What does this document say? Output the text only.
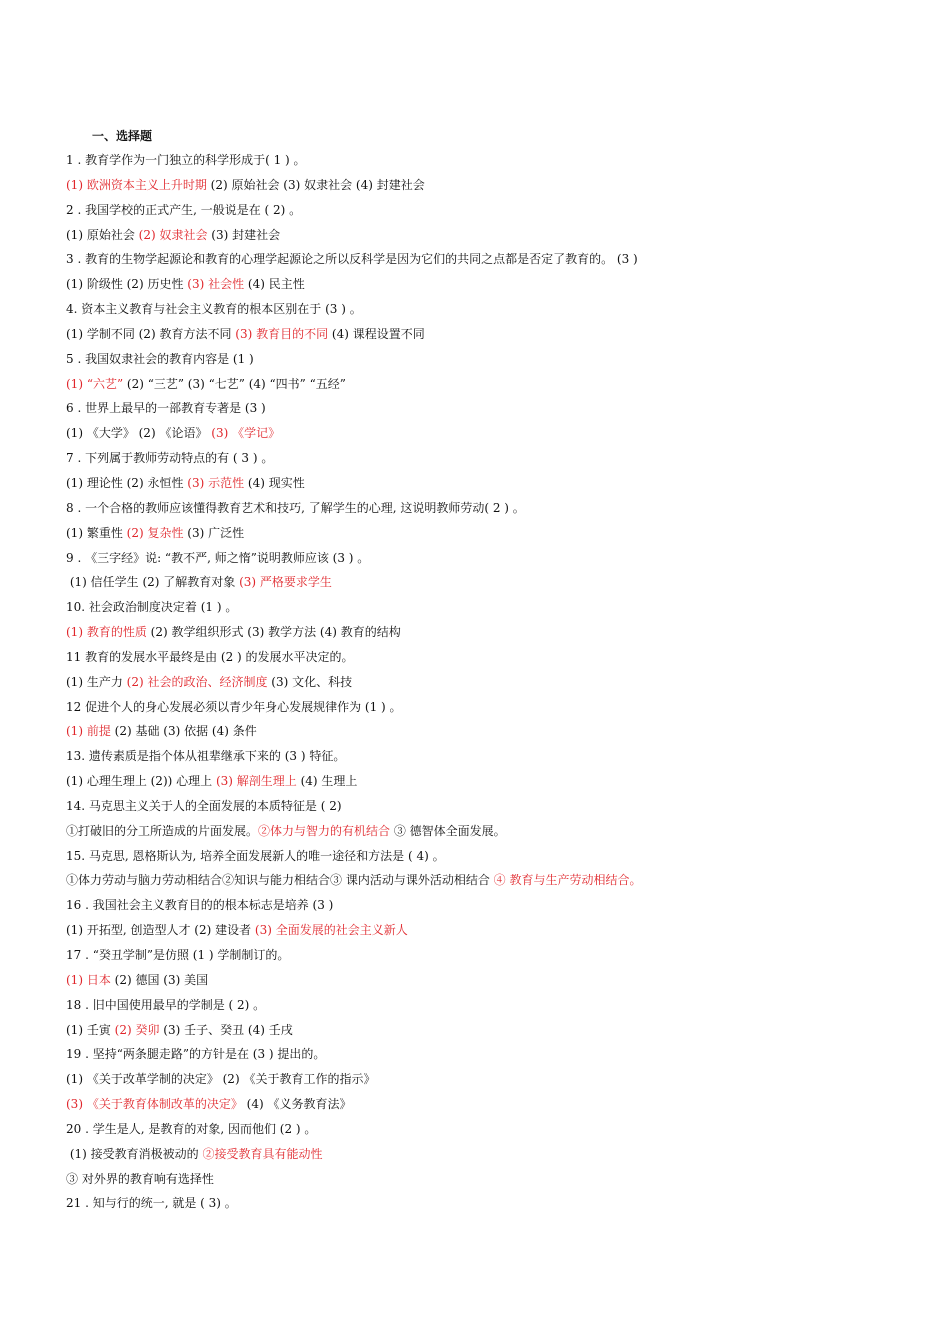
一、选择题
1 . 教育学作为一门独立的科学形成于( 1 ) 。
(1) 欧洲资本主义上升时期 (2) 原始社会 (3) 奴隶社会 (4) 封建社会
2 . 我国学校的正式产生, 一般说是在 ( 2) 。
(1) 原始社会 (2) 奴隶社会 (3) 封建社会
3 . 教育的生物学起源论和教育的心理学起源论之所以反科学是因为它们的共同之点都是否定了教育的。 (3 )
(1) 阶级性 (2) 历史性 (3) 社会性 (4) 民主性
4. 资本主义教育与社会主义教育的根本区别在于 (3 ) 。
(1) 学制不同 (2) 教育方法不同 (3) 教育目的不同 (4) 课程设置不同
5 . 我国奴隶社会的教育内容是 (1 )
(1) “六艺” (2) “三艺” (3) “七艺” (4) “四书” “五经”
6 . 世界上最早的一部教育专著是 (3 )
(1) 《大学》 (2) 《论语》 (3) 《学记》
7 . 下列属于教师劳动特点的有 ( 3 ) 。
(1) 理论性 (2) 永恒性 (3) 示范性 (4) 现实性
8 . 一个合格的教师应该懂得教育艺术和技巧, 了解学生的心理, 这说明教师劳动( 2 ) 。
(1) 繁重性 (2) 复杂性 (3) 广泛性
9 . 《三字经》说: “教不严, 师之惰”说明教师应该 (3 ) 。
(1) 信任学生 (2) 了解教育对象 (3) 严格要求学生
10. 社会政治制度决定着 (1 ) 。
(1) 教育的性质 (2) 教学组织形式 (3) 教学方法 (4) 教育的结构
11 教育的发展水平最终是由 (2 ) 的发展水平决定的。
(1) 生产力 (2) 社会的政治、经济制度 (3) 文化、科技
12 促进个人的身心发展必须以青少年身心发展规律作为 (1 ) 。
(1) 前提 (2) 基础 (3) 依据 (4) 条件
13. 遗传素质是指个体从祖辈继承下来的 (3 ) 特征。
(1) 心理生理上 (2)) 心理上 (3) 解剖生理上 (4) 生理上
14. 马克思主义关于人的全面发展的本质特征是 ( 2)
①打破旧的分工所造成的片面发展。②体力与智力的有机结合 ③ 德智体全面发展。
15. 马克思, 恩格斯认为, 培养全面发展新人的唯一途径和方法是 ( 4) 。
①体力劳动与脑力劳动相结合②知识与能力相结合③ 课内活动与课外活动相结合 ④ 教育与生产劳动相结合。
16 . 我国社会主义教育目的的根本标志是培养 (3 )
(1) 开拓型, 创造型人才 (2) 建设者 (3) 全面发展的社会主义新人
17 . “癸丑学制”是仿照 (1 ) 学制制订的。
(1) 日本 (2) 德国 (3) 美国
18 . 旧中国使用最早的学制是 ( 2) 。
(1) 壬寅 (2) 癸卯 (3) 壬子、癸丑 (4) 壬戌
19 . 坚持“两条腿走路”的方针是在 (3 ) 提出的。
(1) 《关于改革学制的决定》 (2) 《关于教育工作的指示》
(3) 《关于教育体制改革的决定》 (4) 《义务教育法》
20 . 学生是人, 是教育的对象, 因而他们 (2 ) 。
(1) 接受教育消极被动的 ②接受教育具有能动性
③ 对外界的教育响有选择性
21 . 知与行的统一, 就是 ( 3) 。
